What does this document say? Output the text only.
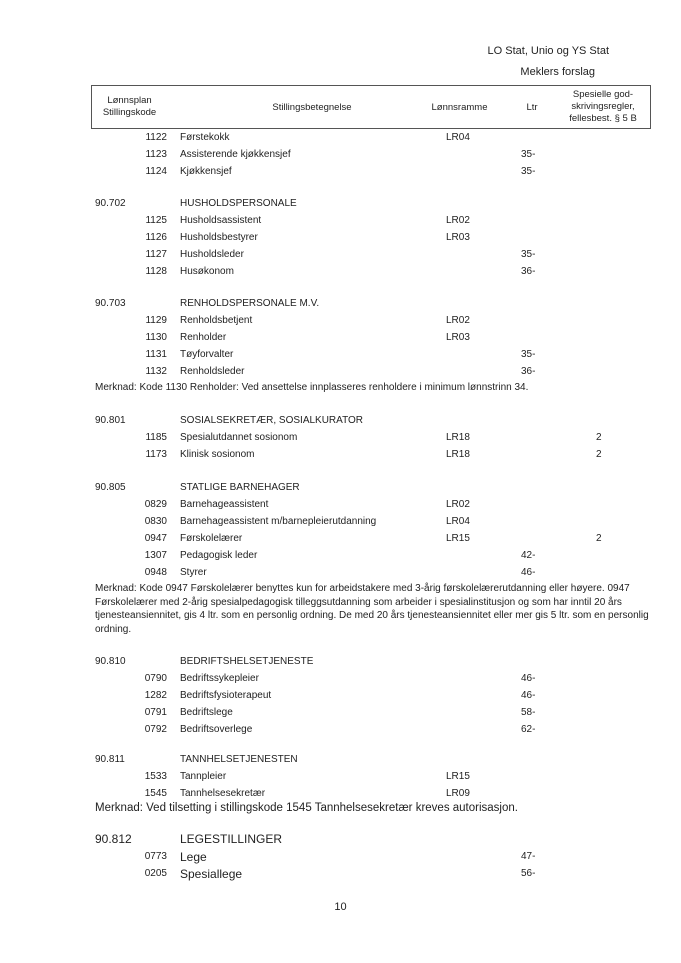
LO Stat, Unio og YS Stat
Meklers forslag
Lønnsplan
Stillingskode	Stillingsbetegnelse	Lønnsramme	Ltr
Spesielle god-
skrivingsregler,
fellesbest. § 5 B
1122 Førstekokk	LR04
1123 Assisterende kjøkkensjef	35-
1124 Kjøkkensjef	35-
90.702	HUSHOLDSPERSONALE
1125 Husholdsassistent	LR02
1126 Husholdsbestyrer	LR03
1127 Husholdsleder	35-
1128 Husøkonom	36-
90.703	RENHOLDSPERSONALE M.V.
1129 Renholdsbetjent	LR02
1130 Renholder	LR03
1131 Tøyforvalter	35-
1132 Renholdsleder	36-
Merknad: Kode 1130 Renholder: Ved ansettelse innplasseres renholdere i minimum lønnstrinn 34.
90.801	SOSIALSEKRETÆR, SOSIALKURATOR
1185 Spesialutdannet sosionom	LR18	2
1173 Klinisk sosionom	LR18	2
90.805	STATLIGE BARNEHAGER
0829 Barnehageassistent	LR02
0830 Barnehageassistent m/barnepleierutdanning	LR04
0947 Førskolelærer	LR15	2
1307 Pedagogisk leder	42-
0948 Styrer	46-
Merknad: Kode 0947 Førskolelærer benyttes kun for arbeidstakere med 3-årig førskolelærerutdanning eller høyere. 0947 Førskolelærer med 2-årig spesialpedagogisk tilleggsutdanning som arbeider i spesialinstitusjon og som har inntil 20 års tjenesteansiennitet, gis 4 ltr. som en personlig ordning. De med 20 års tjenesteansiennitet eller mer gis 5 ltr. som en personlig ordning.
90.810	BEDRIFTSHELSETJENESTE
0790 Bedriftssykepleier	46-
1282 Bedriftsfysioterapeut	46-
0791 Bedriftslege	58-
0792 Bedriftsoverlege	62-
90.811	TANNHELSETJENESTEN
1533 Tannpleier	LR15
1545 Tannhelsesekretær	LR09
Merknad: Ved tilsetting i stillingskode 1545 Tannhelsesekretær kreves autorisasjon.
90.812	LEGESTILLINGER
0773 Lege	47-
0205 Spesiallege	56-
10
